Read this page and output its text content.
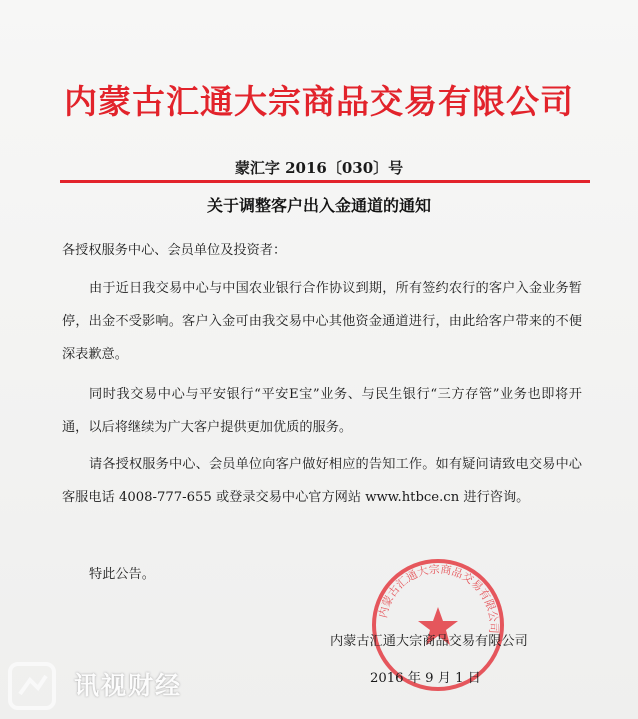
内蒙古汇通大宗商品交易有限公司
蒙汇字 2016〔030〕号
关于调整客户出入金通道的通知

各授权服务中心、会员单位及投资者：

由于近日我交易中心与中国农业银行合作协议到期，所有签约农行的客户入金业务暂停，出金不受影响。客户入金可由我交易中心其他资金通道进行，由此给客户带来的不便深表歉意。

同时我交易中心与平安银行“平安E宝”业务、与民生银行“三方存管”业务也即将开通，以后将继续为广大客户提供更加优质的服务。

请各授权服务中心、会员单位向客户做好相应的告知工作。如有疑问请致电交易中心客服电话 4008-777-655 或登录交易中心官方网站 www.htbce.cn 进行咨询。

特此公告。

内蒙古汇通大宗商品交易有限公司
内蒙古汇通大宗商品交易有限公司
2016 年 9 月 1 日
讯视财经
